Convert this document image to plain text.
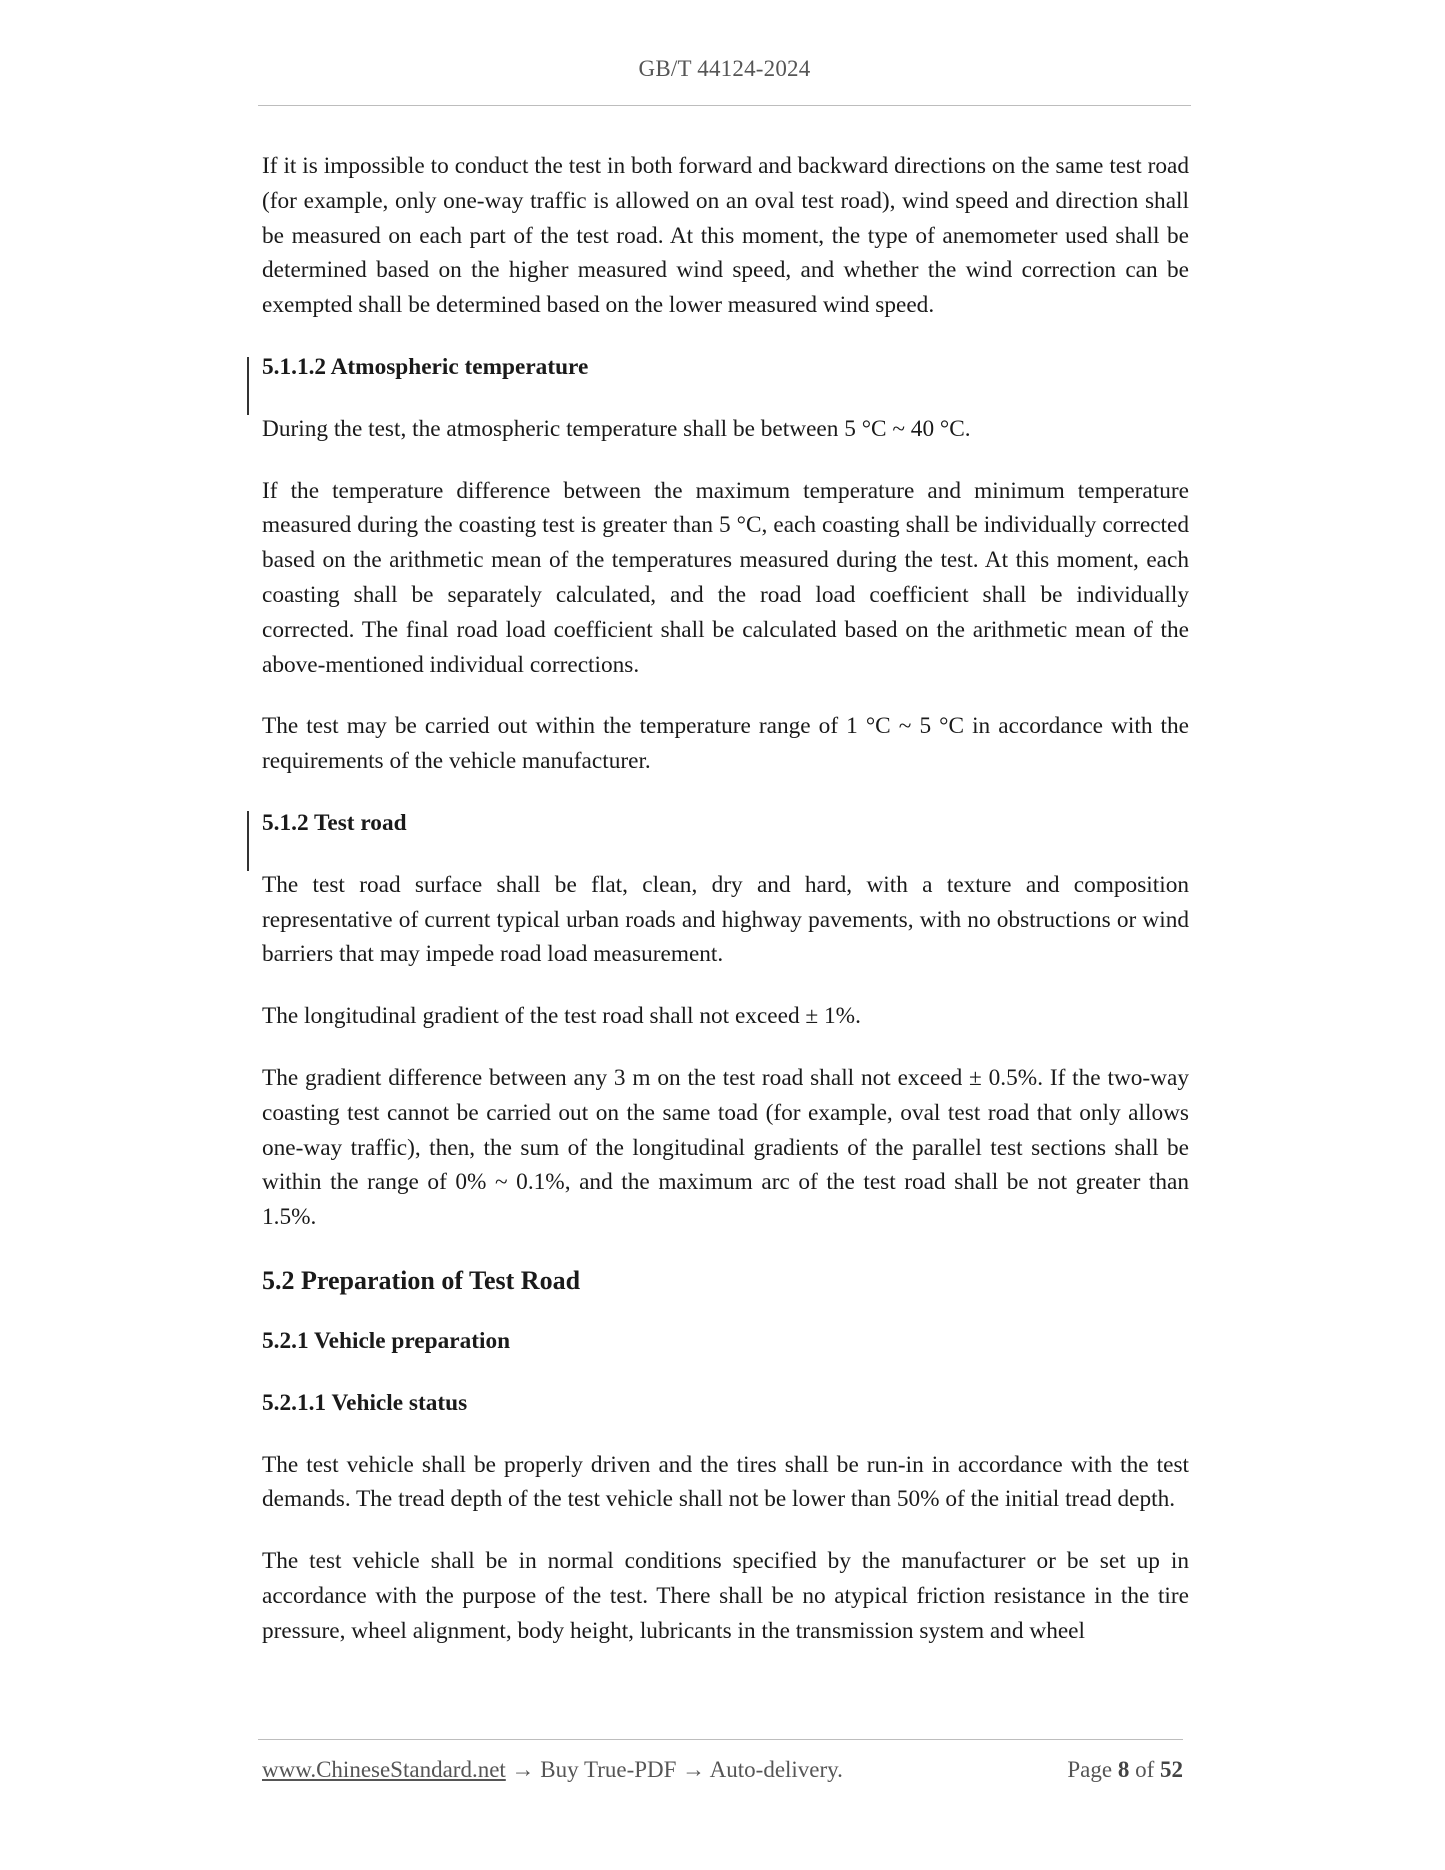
GB/T 44124-2024

If it is impossible to conduct the test in both forward and backward directions on the same test road (for example, only one-way traffic is allowed on an oval test road), wind speed and direction shall be measured on each part of the test road. At this moment, the type of anemometer used shall be determined based on the higher measured wind speed, and whether the wind correction can be exempted shall be determined based on the lower measured wind speed.

5.1.1.2 Atmospheric temperature

During the test, the atmospheric temperature shall be between 5 °C ~ 40 °C.

If the temperature difference between the maximum temperature and minimum temperature measured during the coasting test is greater than 5 °C, each coasting shall be individually corrected based on the arithmetic mean of the temperatures measured during the test. At this moment, each coasting shall be separately calculated, and the road load coefficient shall be individually corrected. The final road load coefficient shall be calculated based on the arithmetic mean of the above-mentioned individual corrections.

The test may be carried out within the temperature range of 1 °C ~ 5 °C in accordance with the requirements of the vehicle manufacturer.

5.1.2 Test road

The test road surface shall be flat, clean, dry and hard, with a texture and composition representative of current typical urban roads and highway pavements, with no obstructions or wind barriers that may impede road load measurement.

The longitudinal gradient of the test road shall not exceed ± 1%.

The gradient difference between any 3 m on the test road shall not exceed ± 0.5%. If the two-way coasting test cannot be carried out on the same toad (for example, oval test road that only allows one-way traffic), then, the sum of the longitudinal gradients of the parallel test sections shall be within the range of 0% ~ 0.1%, and the maximum arc of the test road shall be not greater than 1.5%.

5.2 Preparation of Test Road
5.2.1 Vehicle preparation
5.2.1.1 Vehicle status

The test vehicle shall be properly driven and the tires shall be run-in in accordance with the test demands. The tread depth of the test vehicle shall not be lower than 50% of the initial tread depth.

The test vehicle shall be in normal conditions specified by the manufacturer or be set up in accordance with the purpose of the test. There shall be no atypical friction resistance in the tire pressure, wheel alignment, body height, lubricants in the transmission system and wheel

www.ChineseStandard.net → Buy True-PDF → Auto-delivery.	Page 8 of 52
